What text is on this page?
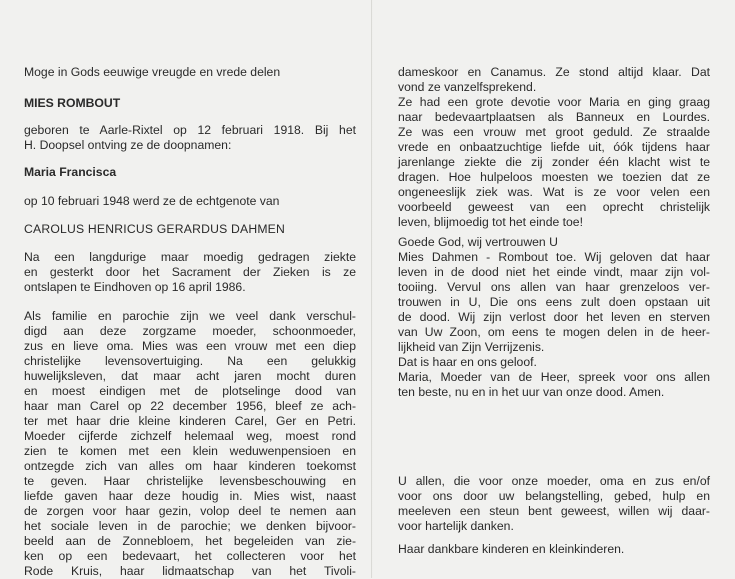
Moge in Gods eeuwige vreugde en vrede delen
MIES ROMBOUT
geboren te Aarle-Rixtel op 12 februari 1918. Bij het
H. Doopsel ontving ze de doopnamen:
Maria Francisca
op 10 februari 1948 werd ze de echtgenote van
CAROLUS HENRICUS GERARDUS DAHMEN
Na een langdurige maar moedig gedragen ziekte
en gesterkt door het Sacrament der Zieken is ze
ontslapen te Eindhoven op 16 april 1986.
Als familie en parochie zijn we veel dank verschul-
digd aan deze zorgzame moeder, schoonmoeder,
zus en lieve oma. Mies was een vrouw met een diep
christelijke levensovertuiging. Na een gelukkig
huwelijksleven, dat maar acht jaren mocht duren
en moest eindigen met de plotselinge dood van
haar man Carel op 22 december 1956, bleef ze ach-
ter met haar drie kleine kinderen Carel, Ger en Petri.
Moeder cijferde zichzelf helemaal weg, moest rond
zien te komen met een klein weduwenpensioen en
ontzegde zich van alles om haar kinderen toekomst
te geven. Haar christelijke levensbeschouwing en
liefde gaven haar deze houdig in. Mies wist, naast
de zorgen voor haar gezin, volop deel te nemen aan
het sociale leven in de parochie; we denken bijvoor-
beeld aan de Zonnebloem, het begeleiden van zie-
ken op een bedevaart, het collecteren voor het
Rode Kruis, haar lidmaatschap van het Tivoli-
dameskoor en Canamus. Ze stond altijd klaar. Dat
vond ze vanzelfsprekend.
Ze had een grote devotie voor Maria en ging graag
naar bedevaartplaatsen als Banneux en Lourdes.
Ze was een vrouw met groot geduld. Ze straalde
vrede en onbaatzuchtige liefde uit, óók tijdens haar
jarenlange ziekte die zij zonder één klacht wist te
dragen. Hoe hulpeloos moesten we toezien dat ze
ongeneeslijk ziek was. Wat is ze voor velen een
voorbeeld geweest van een oprecht christelijk
leven, blijmoedig tot het einde toe!
Goede God, wij vertrouwen U
Mies Dahmen - Rombout toe. Wij geloven dat haar
leven in de dood niet het einde vindt, maar zijn vol-
tooiing. Vervul ons allen van haar grenzeloos ver-
trouwen in U, Die ons eens zult doen opstaan uit
de dood. Wij zijn verlost door het leven en sterven
van Uw Zoon, om eens te mogen delen in de heer-
lijkheid van Zijn Verrijzenis.
Dat is haar en ons geloof.
Maria, Moeder van de Heer, spreek voor ons allen
ten beste, nu en in het uur van onze dood. Amen.
U allen, die voor onze moeder, oma en zus en/of
voor ons door uw belangstelling, gebed, hulp en
meeleven een steun bent geweest, willen wij daar-
voor hartelijk danken.
Haar dankbare kinderen en kleinkinderen.
